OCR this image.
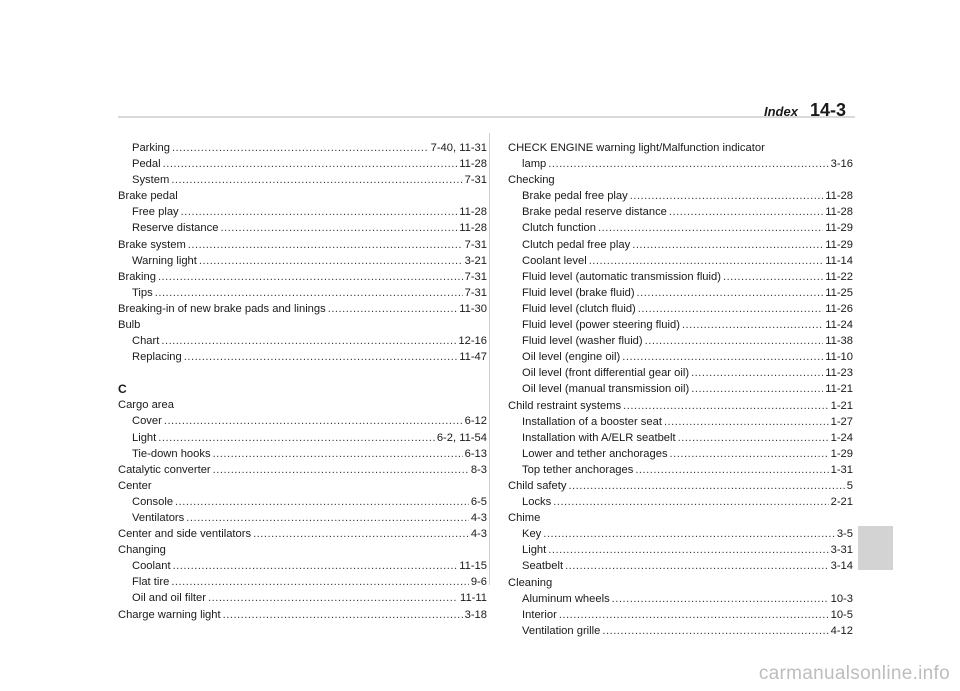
Index 14-3
Parking .....	7-40, 11-31
Pedal .....	11-28
System .....	7-31
Brake pedal
Free play .....	11-28
Reserve distance .....	11-28
Brake system .....	7-31
Warning light .....	3-21
Braking .....	7-31
Tips .....	7-31
Breaking-in of new brake pads and linings .....	11-30
Bulb
Chart .....	12-16
Replacing .....	11-47
C
Cargo area
Cover .....	6-12
Light .....	6-2, 11-54
Tie-down hooks .....	6-13
Catalytic converter .....	8-3
Center
Console .....	6-5
Ventilators .....	4-3
Center and side ventilators .....	4-3
Changing
Coolant .....	11-15
Flat tire .....	9-6
Oil and oil filter .....	11-11
Charge warning light .....	3-18
CHECK ENGINE warning light/Malfunction indicator
lamp .....	3-16
Checking
Brake pedal free play .....	11-28
Brake pedal reserve distance .....	11-28
Clutch function .....	11-29
Clutch pedal free play .....	11-29
Coolant level .....	11-14
Fluid level (automatic transmission fluid) .....	11-22
Fluid level (brake fluid) .....	11-25
Fluid level (clutch fluid) .....	11-26
Fluid level (power steering fluid) .....	11-24
Fluid level (washer fluid) .....	11-38
Oil level (engine oil) .....	11-10
Oil level (front differential gear oil) .....	11-23
Oil level (manual transmission oil) .....	11-21
Child restraint systems .....	1-21
Installation of a booster seat .....	1-27
Installation with A/ELR seatbelt .....	1-24
Lower and tether anchorages .....	1-29
Top tether anchorages .....	1-31
Child safety .....	5
Locks .....	2-21
Chime
Key .....	3-5
Light .....	3-31
Seatbelt .....	3-14
Cleaning
Aluminum wheels .....	10-3
Interior .....	10-5
Ventilation grille .....	4-12
carmanualsonline.info
